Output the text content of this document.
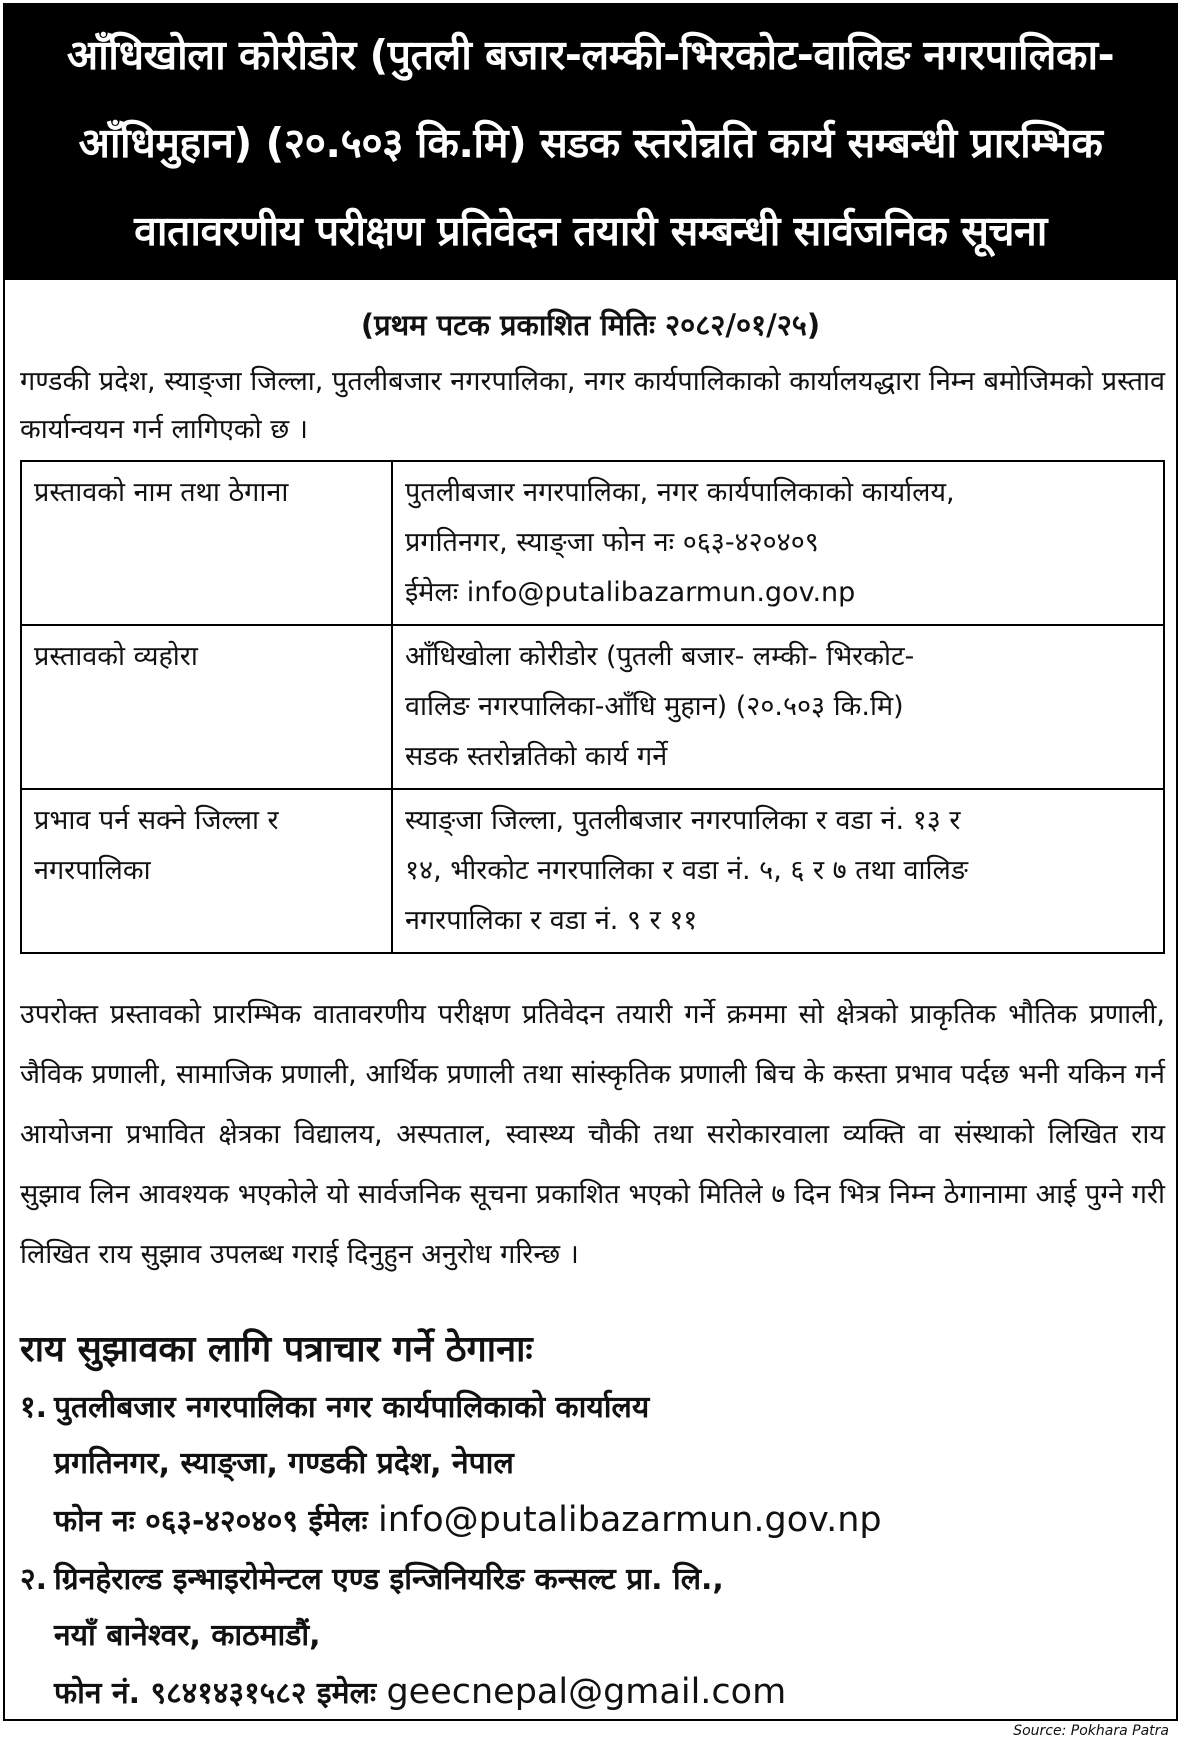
आँधिखोला कोरीडोर (पुतली बजार-लम्की-भिरकोट-वालिङ नगरपालिका-
आँधिमुहान) (२०.५०३ कि.मि) सडक स्तरोन्नति कार्य सम्बन्धी प्रारम्भिक
वातावरणीय परीक्षण प्रतिवेदन तयारी सम्बन्धी सार्वजनिक सूचना
(प्रथम पटक प्रकाशित मितिः २०८२/०१/२५)
गण्डकी प्रदेश, स्याङ्जा जिल्ला, पुतलीबजार नगरपालिका, नगर कार्यपालिकाको कार्यालयद्धारा निम्न बमोजिमको प्रस्ताव कार्यान्वयन गर्न लागिएको छ ।
प्रस्तावको नाम तथा ठेगाना	पुतलीबजार नगरपालिका, नगर कार्यपालिकाको कार्यालय,
प्रगतिनगर, स्याङ्जा फोन नः ०६३-४२०४०९
ईमेलः info@putalibazarmun.gov.np

प्रस्तावको व्यहोरा	आँधिखोला कोरीडोर (पुतली बजार- लम्की- भिरकोट-
वालिङ नगरपालिका-आँधि मुहान) (२०.५०३ कि.मि)
सडक स्तरोन्नतिको कार्य गर्ने

प्रभाव पर्न सक्ने जिल्ला र नगरपालिका	स्याङ्जा जिल्ला, पुतलीबजार नगरपालिका र वडा नं. १३ र
१४, भीरकोट नगरपालिका र वडा नं. ५, ६ र ७ तथा वालिङ
नगरपालिका र वडा नं. ९ र ११
उपरोक्त प्रस्तावको प्रारम्भिक वातावरणीय परीक्षण प्रतिवेदन तयारी गर्ने क्रममा सो क्षेत्रको प्राकृतिक भौतिक प्रणाली, जैविक प्रणाली, सामाजिक प्रणाली, आर्थिक प्रणाली तथा सांस्कृतिक प्रणाली बिच के कस्ता प्रभाव पर्दछ भनी यकिन गर्न आयोजना प्रभावित क्षेत्रका विद्यालय, अस्पताल, स्वास्थ्य चौकी तथा सरोकारवाला व्यक्ति वा संस्थाको लिखित राय सुझाव लिन आवश्यक भएकोले यो सार्वजनिक सूचना प्रकाशित भएको मितिले ७ दिन भित्र निम्न ठेगानामा आई पुग्ने गरी लिखित राय सुझाव उपलब्ध गराई दिनुहुन अनुरोध गरिन्छ ।
राय सुझावका लागि पत्राचार गर्ने ठेगानाः
१. पुतलीबजार नगरपालिका नगर कार्यपालिकाको कार्यालय
प्रगतिनगर, स्याङ्जा, गण्डकी प्रदेश, नेपाल
फोन नः ०६३-४२०४०९ ईमेलः info@putalibazarmun.gov.np
२. ग्रिनहेराल्ड इन्भाइरोमेन्टल एण्ड इन्जिनियरिङ कन्सल्ट प्रा. लि.,
नयाँ बानेश्वर, काठमाडौं,
फोन नं. ९८४१४३१५८२ इमेलः geecnepal@gmail.com
Source: Pokhara Patra
